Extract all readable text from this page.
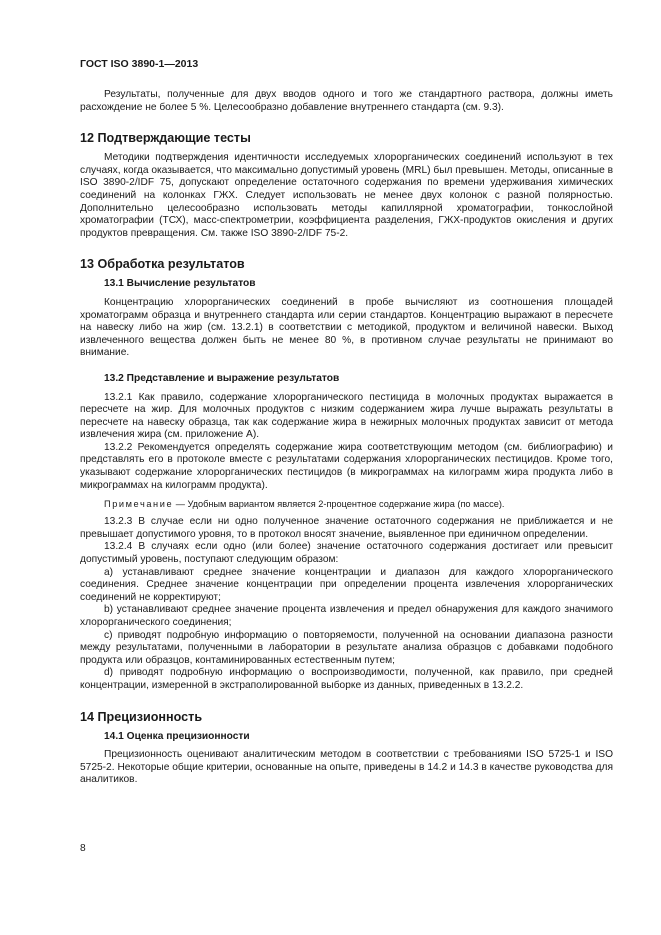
ГОСТ ISO 3890-1—2013

Результаты, полученные для двух вводов одного и того же стандартного раствора, должны иметь расхождение не более 5 %. Целесообразно добавление внутреннего стандарта (см. 9.3).

12 Подтверждающие тесты

Методики подтверждения идентичности исследуемых хлорорганических соединений используют в тех случаях, когда оказывается, что максимально допустимый уровень (MRL) был превышен. Методы, описанные в ISO 3890-2/IDF 75, допускают определение остаточного содержания по времени удерживания химических соединений на колонках ГЖХ. Следует использовать не менее двух колонок с разной полярностью. Дополнительно целесообразно использовать методы капиллярной хроматографии, тонкослойной хроматографии (ТСХ), масс-спектрометрии, коэффициента разделения, ГЖХ-продуктов окисления и других продуктов превращения. См. также ISO 3890-2/IDF 75-2.

13 Обработка результатов
13.1 Вычисление результатов

Концентрацию хлорорганических соединений в пробе вычисляют из соотношения площадей хроматограмм образца и внутреннего стандарта или серии стандартов. Концентрацию выражают в пересчете на навеску либо на жир (см. 13.2.1) в соответствии с методикой, продуктом и величиной навески. Выход извлеченного вещества должен быть не менее 80 %, в противном случае результаты не принимают во внимание.

13.2 Представление и выражение результатов

13.2.1 Как правило, содержание хлорорганического пестицида в молочных продуктах выражается в пересчете на жир. Для молочных продуктов с низким содержанием жира лучше выражать результаты в пересчете на навеску образца, так как содержание жира в нежирных молочных продуктах зависит от метода извлечения жира (см. приложение А).

13.2.2 Рекомендуется определять содержание жира соответствующим методом (см. библиографию) и представлять его в протоколе вместе с результатами содержания хлорорганических пестицидов. Кроме того, указывают содержание хлорорганических пестицидов (в микрограммах на килограмм жира продукта либо в микрограммах на килограмм продукта).

Примечание — Удобным вариантом является 2-процентное содержание жира (по массе).

13.2.3 В случае если ни одно полученное значение остаточного содержания не приближается и не превышает допустимого уровня, то в протокол вносят значение, выявленное при единичном определении.

13.2.4 В случаях если одно (или более) значение остаточного содержания достигает или превысит допустимый уровень, поступают следующим образом:

a) устанавливают среднее значение концентрации и диапазон для каждого хлорорганического соединения. Среднее значение концентрации при определении процента извлечения хлорорганических соединений не корректируют;

b) устанавливают среднее значение процента извлечения и предел обнаружения для каждого значимого хлорорганического соединения;

c) приводят подробную информацию о повторяемости, полученной на основании диапазона разности между результатами, полученными в лаборатории в результате анализа образцов с добавками подобного продукта или образцов, контаминированных естественным путем;

d) приводят подробную информацию о воспроизводимости, полученной, как правило, при средней концентрации, измеренной в экстраполированной выборке из данных, приведенных в 13.2.2.

14 Прецизионность
14.1 Оценка прецизионности

Прецизионность оценивают аналитическим методом в соответствии с требованиями ISO 5725-1 и ISO 5725-2. Некоторые общие критерии, основанные на опыте, приведены в 14.2 и 14.3 в качестве руководства для аналитиков.

8
